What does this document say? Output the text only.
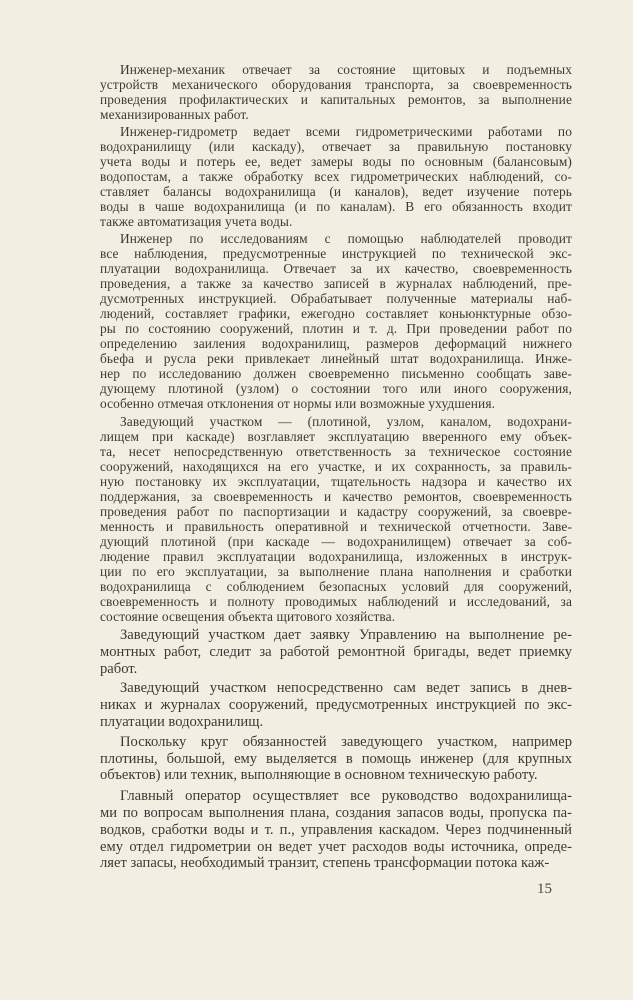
Инженер-механик отвечает за состояние щитовых и подъемных
устройств механического оборудования транспорта, за своевременность
проведения профилактических и капитальных ремонтов, за выполнение
механизированных работ.
Инженер-гидрометр ведает всеми гидрометрическими работами по
водохранилищу (или каскаду), отвечает за правильную постановку
учета воды и потерь ее, ведет замеры воды по основным (балансовым)
водопостам, а также обработку всех гидрометрических наблюдений, со-
ставляет балансы водохранилища (и каналов), ведет изучение потерь
воды в чаше водохранилища (и по каналам). В его обязанность входит
также автоматизация учета воды.
Инженер по исследованиям с помощью наблюдателей проводит
все наблюдения, предусмотренные инструкцией по технической экс-
плуатации водохранилища. Отвечает за их качество, своевременность
проведения, а также за качество записей в журналах наблюдений, пре-
дусмотренных инструкцией. Обрабатывает полученные материалы наб-
людений, составляет графики, ежегодно составляет коньюнктурные обзо-
ры по состоянию сооружений, плотин и т. д. При проведении работ по
определению заиления водохранилищ, размеров деформаций нижнего
бьефа и русла реки привлекает линейный штат водохранилища. Инже-
нер по исследованию должен своевременно письменно сообщать заве-
дующему плотиной (узлом) о состоянии того или иного сооружения,
особенно отмечая отклонения от нормы или возможные ухудшения.
Заведующий участком — (плотиной, узлом, каналом, водохрани-
лищем при каскаде) возглавляет эксплуатацию вверенного ему объек-
та, несет непосредственную ответственность за техническое состояние
сооружений, находящихся на его участке, и их сохранность, за правиль-
ную постановку их эксплуатации, тщательность надзора и качество их
поддержания, за своевременность и качество ремонтов, своевременность
проведения работ по паспортизации и кадастру сооружений, за своевре-
менность и правильность оперативной и технической отчетности. Заве-
дующий плотиной (при каскаде — водохранилищем) отвечает за соб-
людение правил эксплуатации водохранилища, изложенных в инструк-
ции по его эксплуатации, за выполнение плана наполнения и сработки
водохранилища с соблюдением безопасных условий для сооружений,
своевременность и полноту проводимых наблюдений и исследований, за
состояние освещения объекта щитового хозяйства.
Заведующий участком дает заявку Управлению на выполнение ре-
монтных работ, следит за работой ремонтной бригады, ведет приемку
работ.
Заведующий участком непосредственно сам ведет запись в днев-
никах и журналах сооружений, предусмотренных инструкцией по экс-
плуатации водохранилищ.
Поскольку круг обязанностей заведующего участком, например
плотины, большой, ему выделяется в помощь инженер (для крупных
объектов) или техник, выполняющие в основном техническую работу.
Главный оператор осуществляет все руководство водохранилища-
ми по вопросам выполнения плана, создания запасов воды, пропуска па-
водков, сработки воды и т. п., управления каскадом. Через подчиненный
ему отдел гидрометрии он ведет учет расходов воды источника, опреде-
ляет запасы, необходимый транзит, степень трансформации потока каж-
15
